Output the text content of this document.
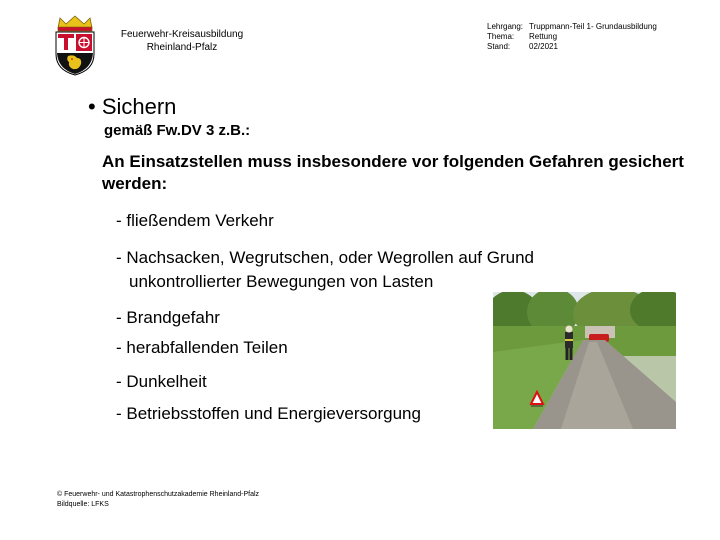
Feuerwehr-Kreisausbildung
Rheinland-Pfalz
Lehrgang: Truppmann-Teil 1- Grundausbildung
Thema: Rettung
Stand: 02/2021
• Sichern
gemäß Fw.DV 3 z.B.:
An Einsatzstellen muss insbesondere vor folgenden Gefahren gesichert werden:
- fließendem Verkehr
- Nachsacken, Wegrutschen, oder Wegrollen auf Grund
unkontrollierter Bewegungen von Lasten
- Brandgefahr
- herabfallenden Teilen
- Dunkelheit
- Betriebsstoffen und Energieversorgung
© Feuerwehr- und Katastrophenschutzakademie Rheinland-Pfalz
Bildquelle: LFKS
